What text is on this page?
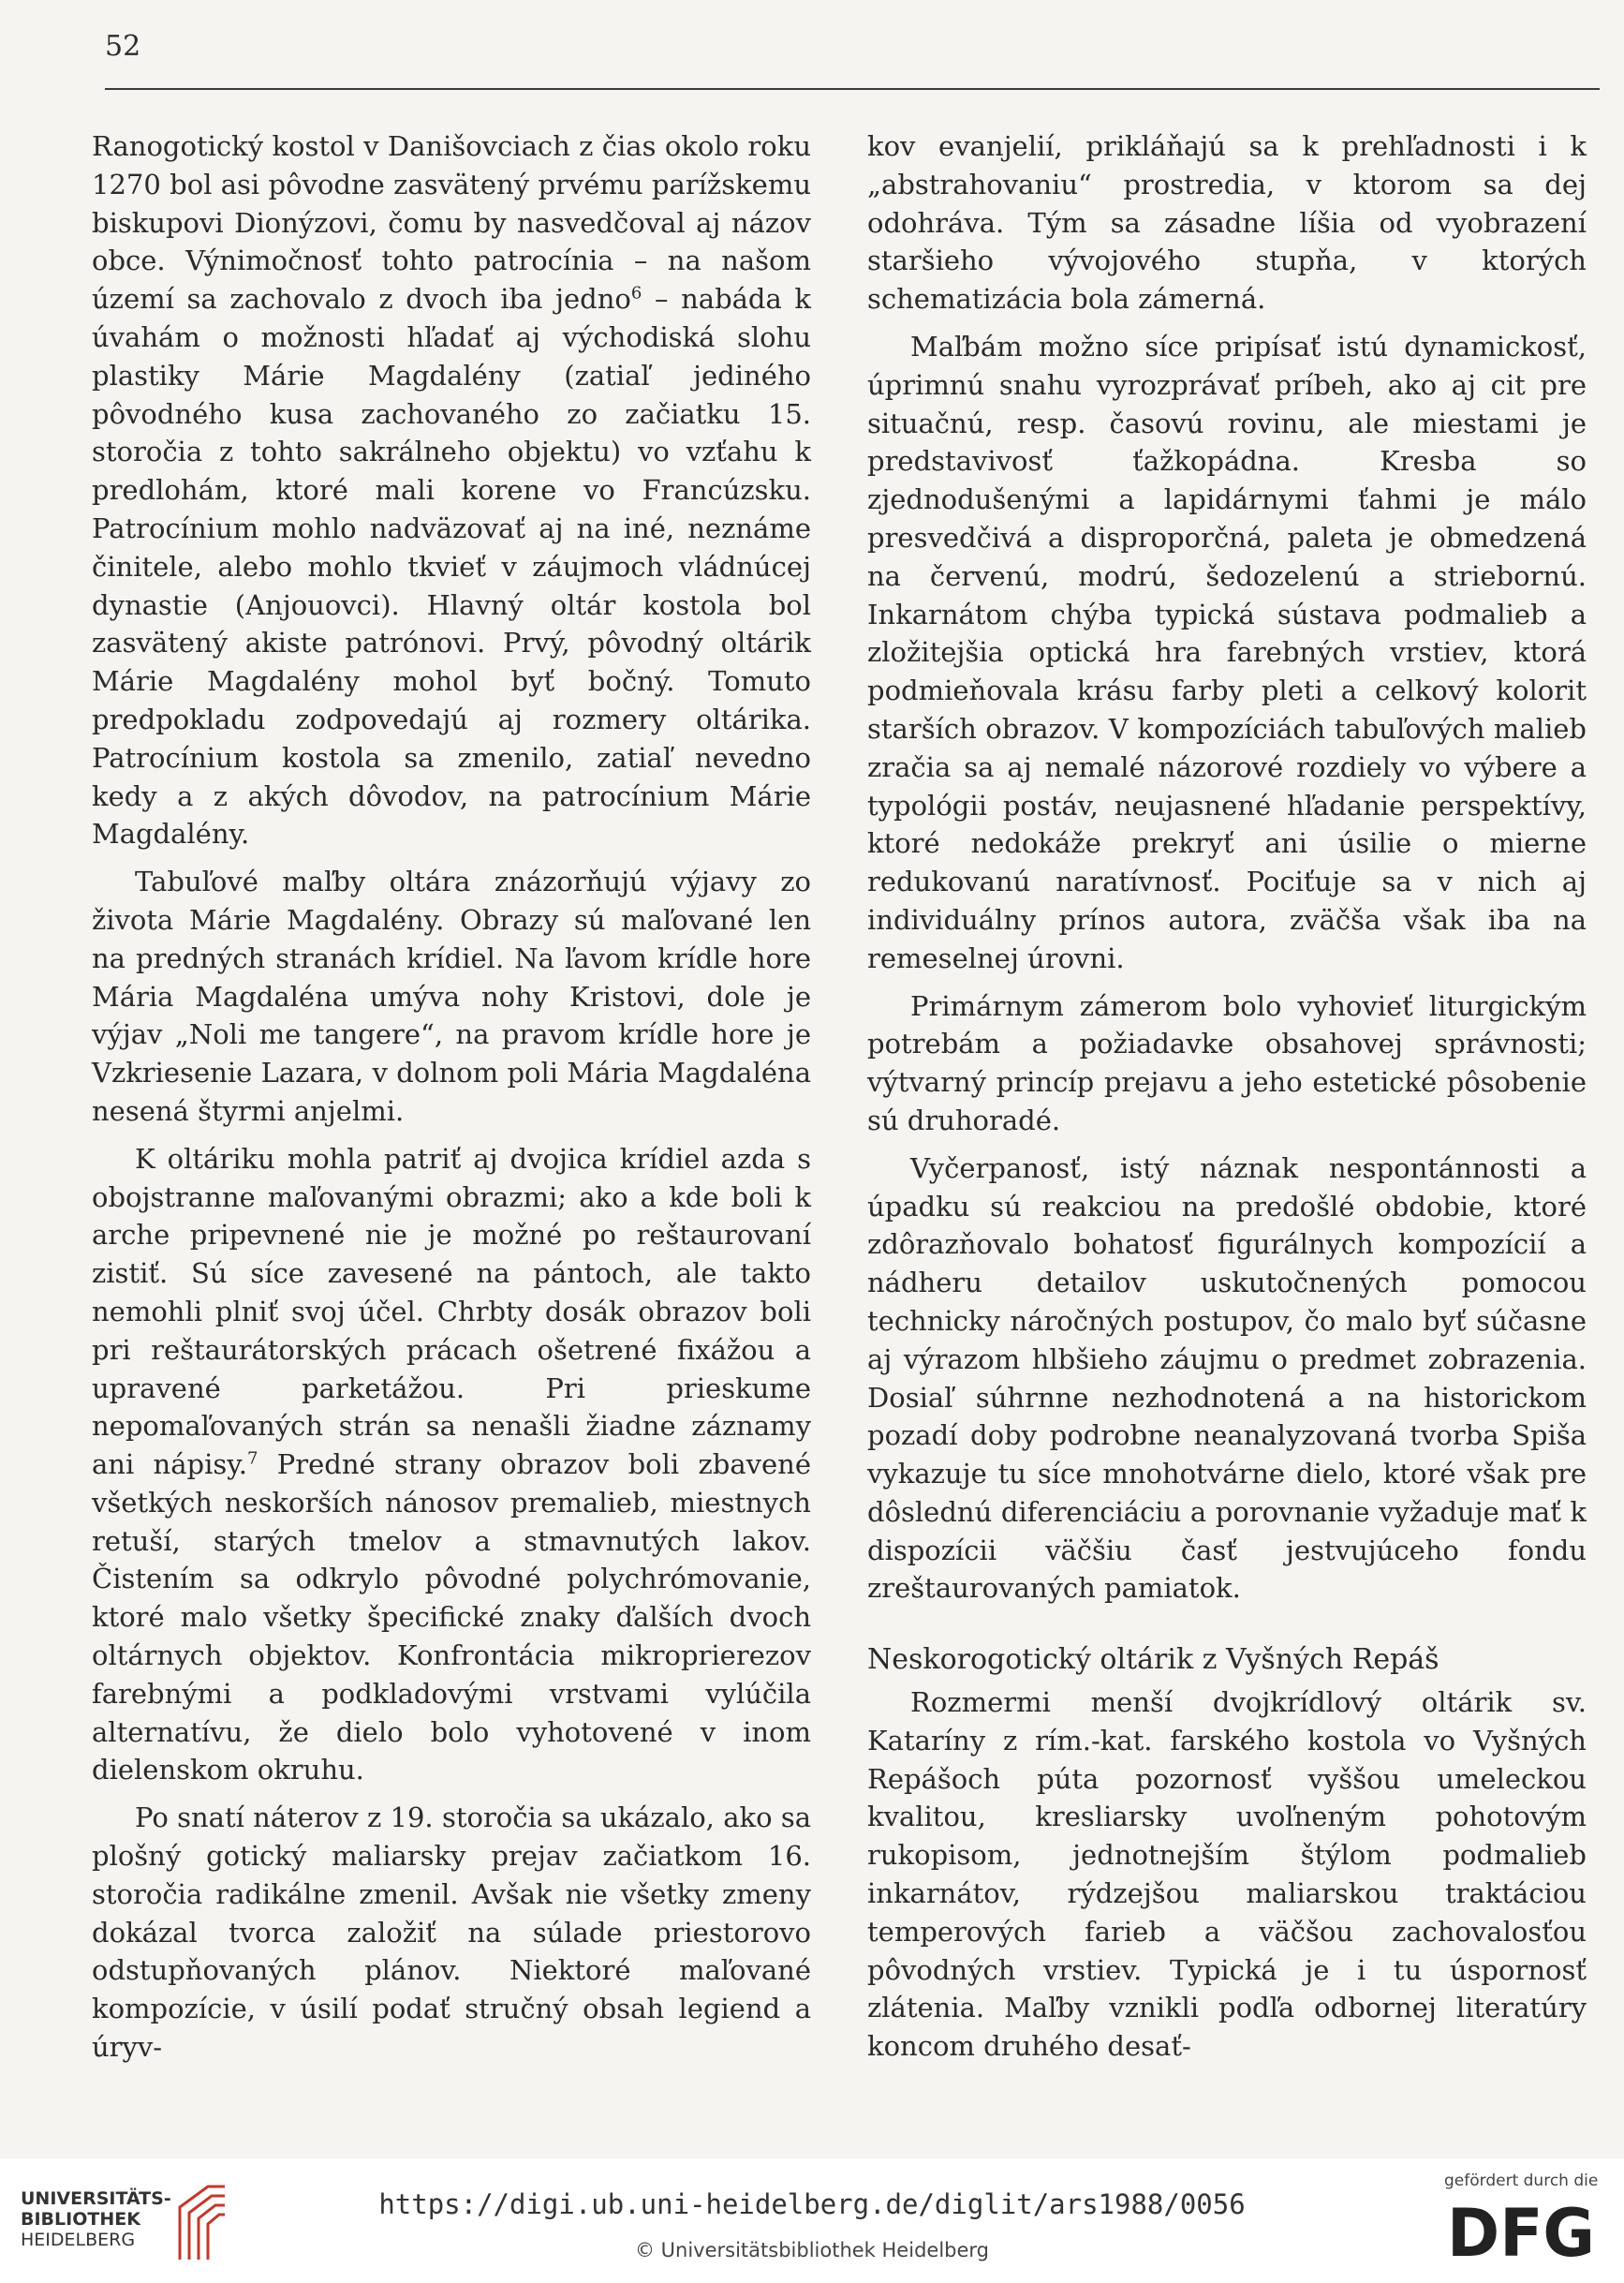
52

Ranogotický kostol v Danišovciach z čias okolo roku 1270 bol asi pôvodne zasvätený prvému parížskemu biskupovi Dionýzovi, čomu by nasvedčoval aj názov obce. Výnimočnosť tohto patrocínia – na našom území sa zachovalo z dvoch iba jedno$^6$ – nabáda k úvahám o možnosti hľadať aj východiská slohu plastiky Márie Magdalény (zatiaľ jediného pôvodného kusa zachovaného zo začiatku 15. storočia z tohto sakrálneho objektu) vo vzťahu k predlohám, ktoré mali korene vo Francúzsku. Patrocínium mohlo nadväzovať aj na iné, neznáme činitele, alebo mohlo tkvieť v záujmoch vládnúcej dynastie (Anjouovci). Hlavný oltár kostola bol zasvätený akiste patrónovi. Prvý, pôvodný oltárik Márie Magdalény mohol byť bočný. Tomuto predpokladu zodpovedajú aj rozmery oltárika. Patrocínium kostola sa zmenilo, zatiaľ nevedno kedy a z akých dôvodov, na patrocínium Márie Magdalény.

Tabuľové maľby oltára znázorňujú výjavy zo života Márie Magdalény. Obrazy sú maľované len na predných stranách krídiel. Na ľavom krídle hore Mária Magdaléna umýva nohy Kristovi, dole je výjav „Noli me tangere“, na pravom krídle hore je Vzkriesenie Lazara, v dolnom poli Mária Magdaléna nesená štyrmi anjelmi.

K oltáriku mohla patriť aj dvojica krídiel azda s obojstranne maľovanými obrazmi; ako a kde boli k arche pripevnené nie je možné po reštaurovaní zistiť. Sú síce zavesené na pántoch, ale takto nemohli plniť svoj účel. Chrbty dosák obrazov boli pri reštaurátorských prácach ošetrené fixážou a upravené parketážou. Pri prieskume nepomaľovaných strán sa nenašli žiadne záznamy ani nápisy.$^7$ Predné strany obrazov boli zbavené všetkých neskorších nánosov premalieb, miestnych retuší, starých tmelov a stmavnutých lakov. Čistením sa odkrylo pôvodné polychrómovanie, ktoré malo všetky špecifické znaky ďalších dvoch oltárnych objektov. Konfrontácia mikroprierezov farebnými a podkladovými vrstvami vylúčila alternatívu, že dielo bolo vyhotovené v inom dielenskom okruhu.

Po snatí náterov z 19. storočia sa ukázalo, ako sa plošný gotický maliarsky prejav začiatkom 16. storočia radikálne zmenil. Avšak nie všetky zmeny dokázal tvorca založiť na súlade priestorovo odstupňovaných plánov. Niektoré maľované kompozície, v úsilí podať stručný obsah legiend a úryv-

kov evanjelií, prikláňajú sa k prehľadnosti i k „abstrahovaniu“ prostredia, v ktorom sa dej odohráva. Tým sa zásadne líšia od vyobrazení staršieho vývojového stupňa, v ktorých schematizácia bola zámerná.

Maľbám možno síce pripísať istú dynamickosť, úprimnú snahu vyrozprávať príbeh, ako aj cit pre situačnú, resp. časovú rovinu, ale miestami je predstavivosť ťažkopádna. Kresba so zjednodušenými a lapidárnymi ťahmi je málo presvedčivá a disproporčná, paleta je obmedzená na červenú, modrú, šedozelenú a striebornú. Inkarnátom chýba typická sústava podmalieb a zložitejšia optická hra farebných vrstiev, ktorá podmieňovala krásu farby pleti a celkový kolorit starších obrazov. V kompozíciách tabuľových malieb zračia sa aj nemalé názorové rozdiely vo výbere a typológii postáv, neujasnené hľadanie perspektívy, ktoré nedokáže prekryť ani úsilie o mierne redukovanú naratívnosť. Pociťuje sa v nich aj individuálny prínos autora, zväčša však iba na remeselnej úrovni.

Primárnym zámerom bolo vyhovieť liturgickým potrebám a požiadavke obsahovej správnosti; výtvarný princíp prejavu a jeho estetické pôsobenie sú druhoradé.

Vyčerpanosť, istý náznak nespontánnosti a úpadku sú reakciou na predošlé obdobie, ktoré zdôrazňovalo bohatosť figurálnych kompozícií a nádheru detailov uskutočnených pomocou technicky náročných postupov, čo malo byť súčasne aj výrazom hlbšieho záujmu o predmet zobrazenia. Dosiaľ súhrnne nezhodnotená a na historickom pozadí doby podrobne neanalyzovaná tvorba Spiša vykazuje tu síce mnohotvárne dielo, ktoré však pre dôslednú diferenciáciu a porovnanie vyžaduje mať k dispozícii väčšiu časť jestvujúceho fondu zreštaurovaných pamiatok.

Neskorogotický oltárik z Vyšných Repáš

Rozmermi menší dvojkrídlový oltárik sv. Kataríny z rím.-kat. farského kostola vo Vyšných Repášoch púta pozornosť vyššou umeleckou kvalitou, kresliarsky uvoľneným pohotovým rukopisom, jednotnejším štýlom podmalieb inkarnátov, rýdzejšou maliarskou traktáciou temperových farieb a väčšou zachovalosťou pôvodných vrstiev. Typická je i tu úspornosť zlátenia. Maľby vznikli podľa odbornej literatúry koncom druhého desať-

UNIVERSITÄTS-
BIBLIOTHEK
HEIDELBERG
https://digi.ub.uni-heidelberg.de/diglit/ars1988/0056
© Universitätsbibliothek Heidelberg
gefördert durch die
DFG
